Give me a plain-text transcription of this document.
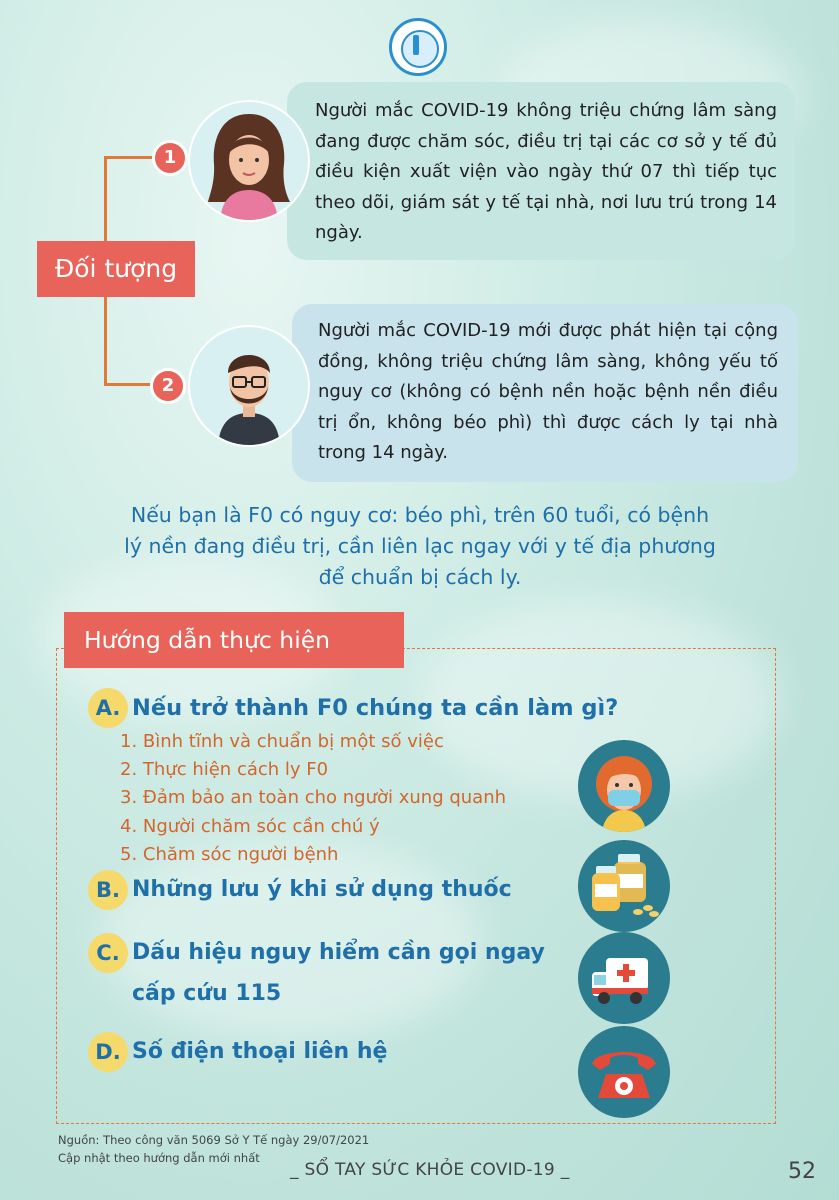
Đối tượng
Người mắc COVID-19 không triệu chứng lâm sàng đang được chăm sóc, điều trị tại các cơ sở y tế đủ điều kiện xuất viện vào ngày thứ 07 thì tiếp tục theo dõi, giám sát y tế tại nhà, nơi lưu trú trong 14 ngày.
1
Người mắc COVID-19 mới được phát hiện tại cộng đồng, không triệu chứng lâm sàng, không yếu tố nguy cơ (không có bệnh nền hoặc bệnh nền điều trị ổn, không béo phì) thì được cách ly tại nhà trong 14 ngày.
2
Nếu bạn là F0 có nguy cơ: béo phì, trên 60 tuổi, có bệnh lý nền đang điều trị, cần liên lạc ngay với y tế địa phương để chuẩn bị cách ly.
Hướng dẫn thực hiện
A. Nếu trở thành F0 chúng ta cần làm gì?
1. Bình tĩnh và chuẩn bị một số việc
2. Thực hiện cách ly F0
3. Đảm bảo an toàn cho người xung quanh
4. Người chăm sóc cần chú ý
5. Chăm sóc người bệnh
B. Những lưu ý khi sử dụng thuốc
C. Dấu hiệu nguy hiểm cần gọi ngay
cấp cứu 115
D. Số điện thoại liên hệ
Nguồn: Theo công văn 5069 Sở Y Tế ngày 29/07/2021
Cập nhật theo hướng dẫn mới nhất
_ SỔ TAY SỨC KHỎE COVID-19 _	52
